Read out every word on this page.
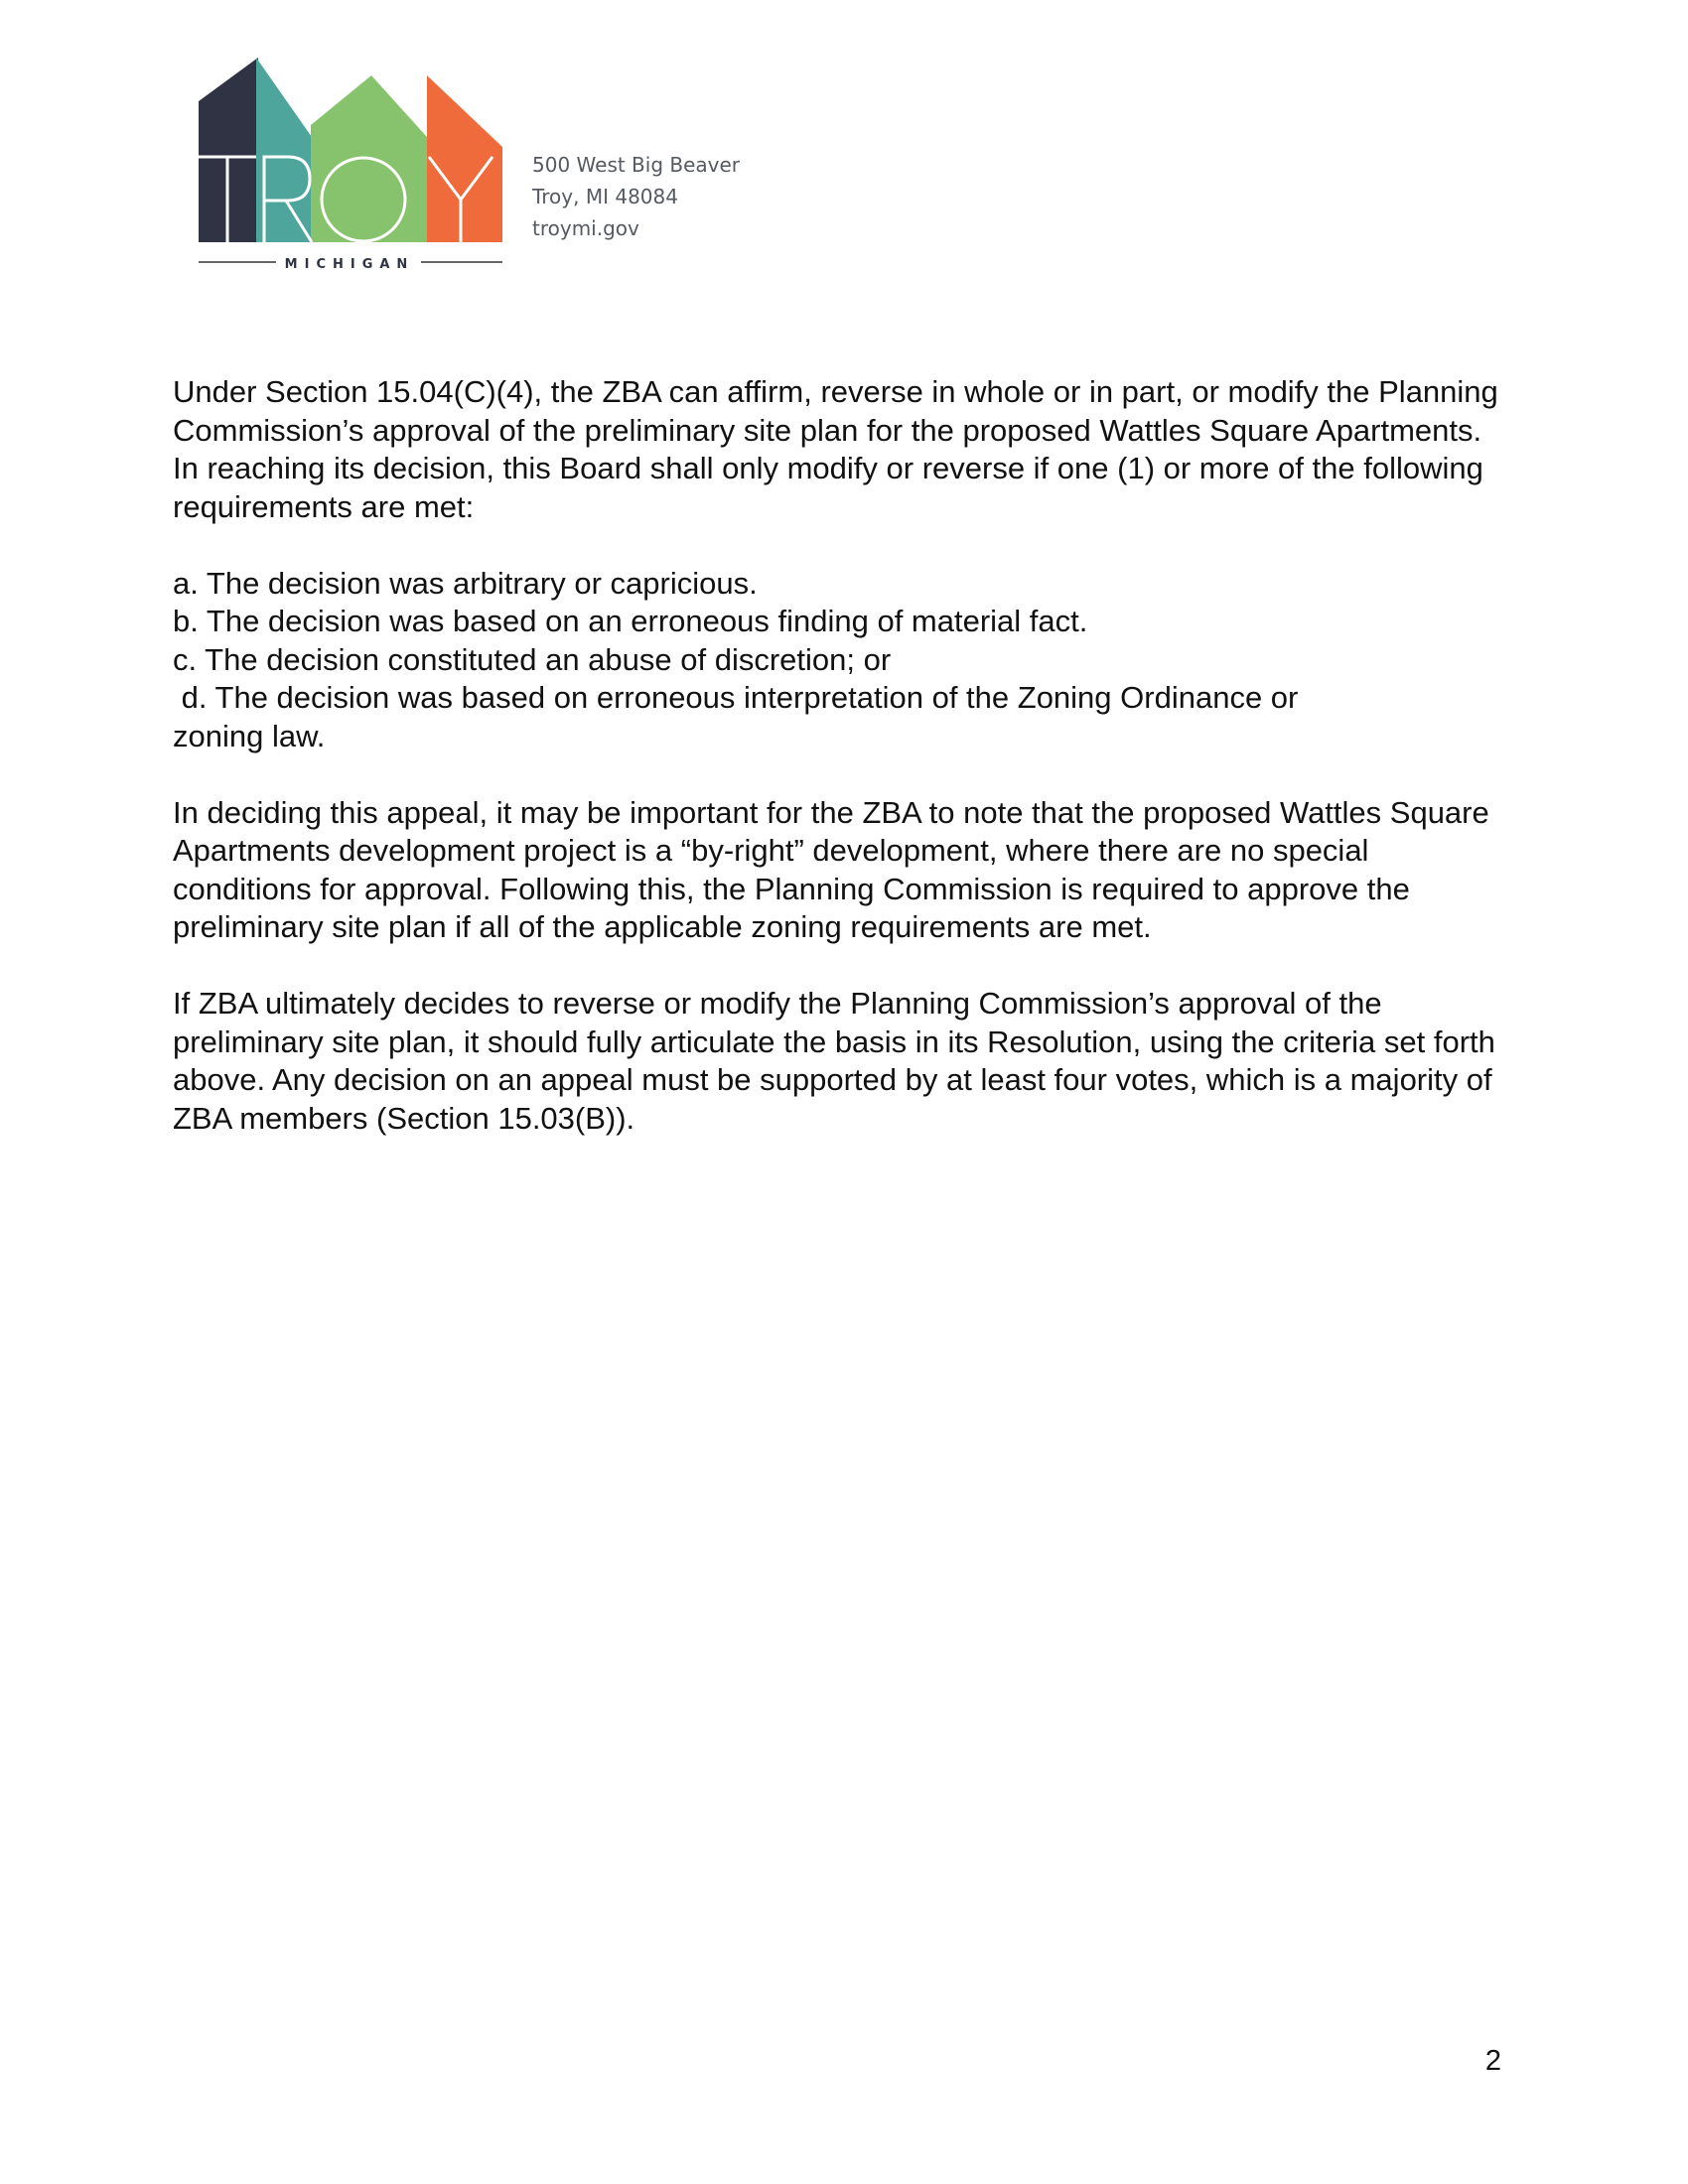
MICHIGAN
500 West Big Beaver
Troy, MI 48084
troymi.gov

Under Section 15.04(C)(4), the ZBA can affirm, reverse in whole or in part, or modify the Planning Commission’s approval of the preliminary site plan for the proposed Wattles Square Apartments. In reaching its decision, this Board shall only modify or reverse if one (1) or more of the following requirements are met:

a. The decision was arbitrary or capricious.
b. The decision was based on an erroneous finding of material fact.
c. The decision constituted an abuse of discretion; or
d. The decision was based on erroneous interpretation of the Zoning Ordinance or zoning law.

In deciding this appeal, it may be important for the ZBA to note that the proposed Wattles Square Apartments development project is a “by-right” development, where there are no special conditions for approval. Following this, the Planning Commission is required to approve the preliminary site plan if all of the applicable zoning requirements are met.

If ZBA ultimately decides to reverse or modify the Planning Commission’s approval of the preliminary site plan, it should fully articulate the basis in its Resolution, using the criteria set forth above. Any decision on an appeal must be supported by at least four votes, which is a majority of ZBA members (Section 15.03(B)).

2
